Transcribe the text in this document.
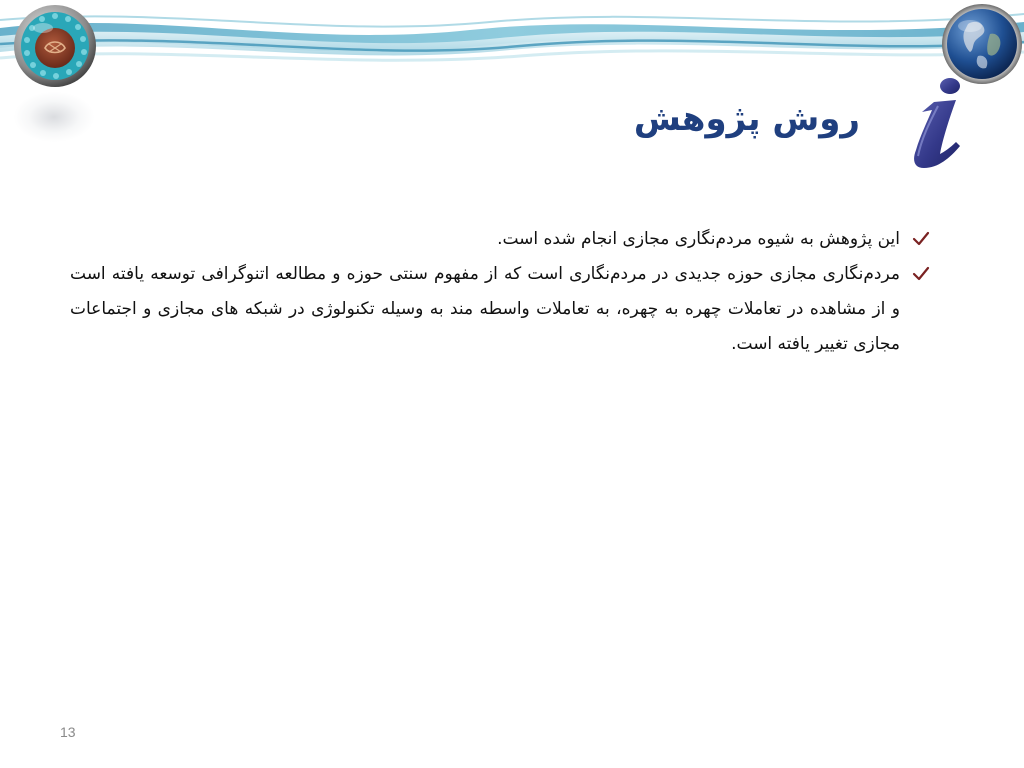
روش پژوهش

این پژوهش به شیوه مردم‌نگاری مجازی انجام شده است.

مردم‌نگاری مجازی حوزه جدیدی در مردم‌نگاری است که از مفهوم سنتی حوزه و مطالعه اتنوگرافی توسعه یافته است و از مشاهده در تعاملات چهره به چهره، به تعاملات واسطه مند به وسیله تکنولوژی در شبکه های مجازی و اجتماعات مجازی تغییر یافته است.

13
